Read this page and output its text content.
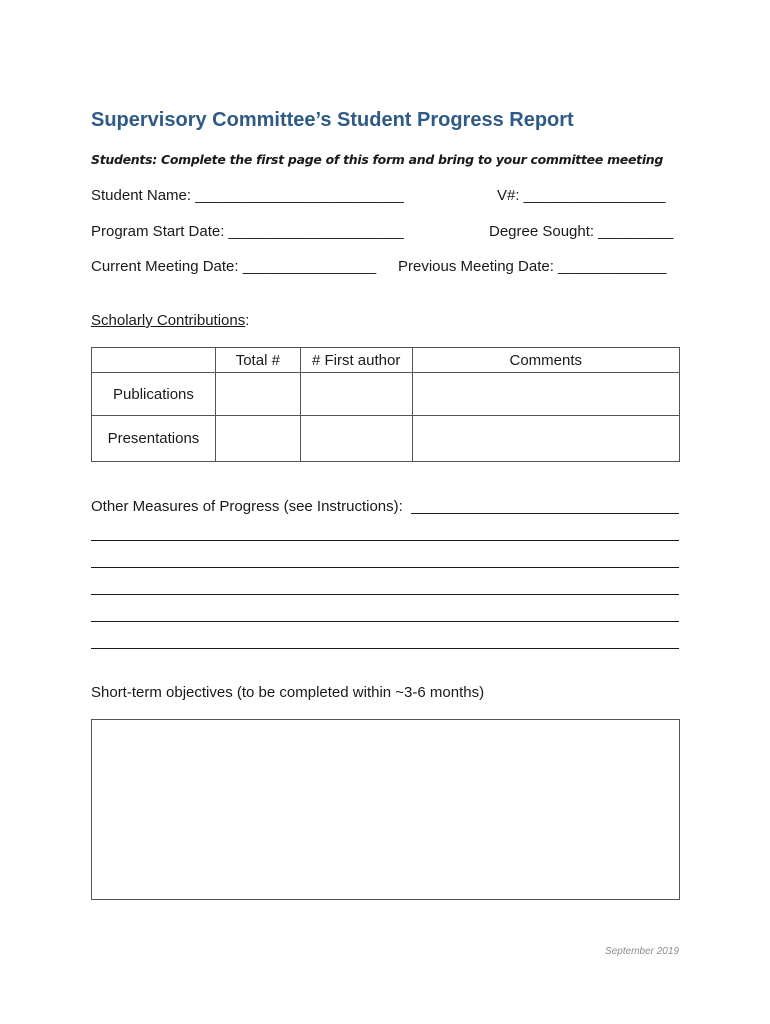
Supervisory Committee’s Student Progress Report
Students: Complete the first page of this form and bring to your committee meeting
Student Name: _________________________	V#: _________________
Program Start Date: _____________________	Degree Sought: _________
Current Meeting Date: ________________ Previous Meeting Date: _____________
Scholarly Contributions:
	Total #	# First author	Comments
Publications			
Presentations			
Other Measures of Progress (see Instructions):
Short-term objectives (to be completed within ~3-6 months)
September 2019
